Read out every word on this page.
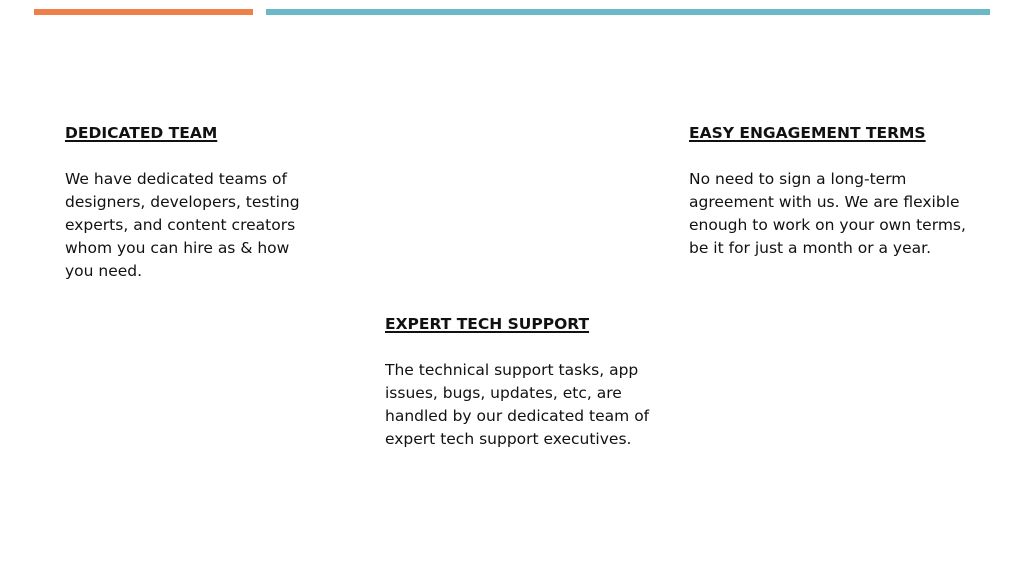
DEDICATED TEAM

We have dedicated teams of designers, developers, testing experts, and content creators whom you can hire as & how you need.

EASY ENGAGEMENT TERMS

No need to sign a long-term agreement with us. We are flexible enough to work on your own terms, be it for just a month or a year.

EXPERT TECH SUPPORT

The technical support tasks, app issues, bugs, updates, etc, are handled by our dedicated team of expert tech support executives.
